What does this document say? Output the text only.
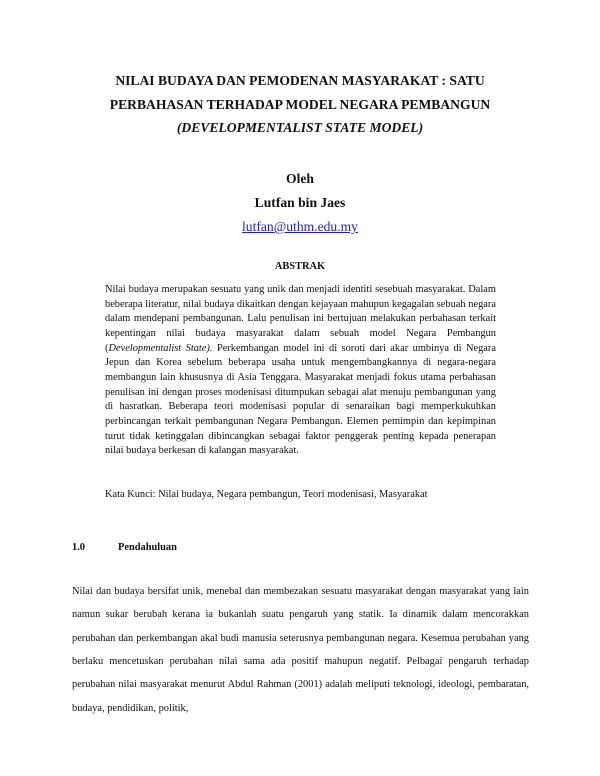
NILAI BUDAYA DAN PEMODENAN MASYARAKAT : SATU
PERBAHASAN TERHADAP MODEL NEGARA PEMBANGUN
(DEVELOPMENTALIST STATE MODEL)
Oleh
Lutfan bin Jaes
lutfan@uthm.edu.my
ABSTRAK
Nilai budaya merupakan sesuatu yang unik dan menjadi identiti sesebuah masyarakat. Dalam beberapa literatur, nilai budaya dikaitkan dengan kejayaan mahupun kegagalan sebuah negara dalam mendepani pembangunan. Lalu penulisan ini bertujuan melakukan perbahasan terkait kepentingan nilai budaya masyarakat dalam sebuah model Negara Pembangun (Developmentalist State). Perkembangan model ini di soroti dari akar umbinya di Negara Jepun dan Korea sebelum beberapa usaha untuk mengembangkannya di negara-negara membangun lain khususnya di Asia Tenggara. Masyarakat menjadi fokus utama perbahasan penulisan ini dengan proses modenisasi ditumpukan sebagai alat menuju pembangunan yang di hasratkan. Beberapa teori modenisasi popular di senaraikan bagi memperkukuhkan perbincangan terkait pembangunan Negara Pembangun. Elemen pemimpin dan kepimpinan turut tidak ketinggalan dibincangkan sebagai faktor penggerak penting kepada penerapan nilai budaya berkesan di kalangan masyarakat.
Kata Kunci: Nilai budaya, Negara pembangun, Teori modenisasi, Masyarakat
1.0	Pendahuluan
Nilai dan budaya bersifat unik, menebal dan membezakan sesuatu masyarakat dengan masyarakat yang lain namun sukar berubah kerana ia bukanlah suatu pengaruh yang statik. Ia dinamik dalam mencorakkan perubahan dan perkembangan akal budi manusia seterusnya pembangunan negara. Kesemua perubahan yang berlaku mencetuskan perubahan nilai sama ada positif mahupun negatif. Pelbagai pengaruh terhadap perubahan nilai masyarakat menurut Abdul Rahman (2001) adalah meliputi teknologi, ideologi, pembaratan, budaya, pendidikan, politik,
